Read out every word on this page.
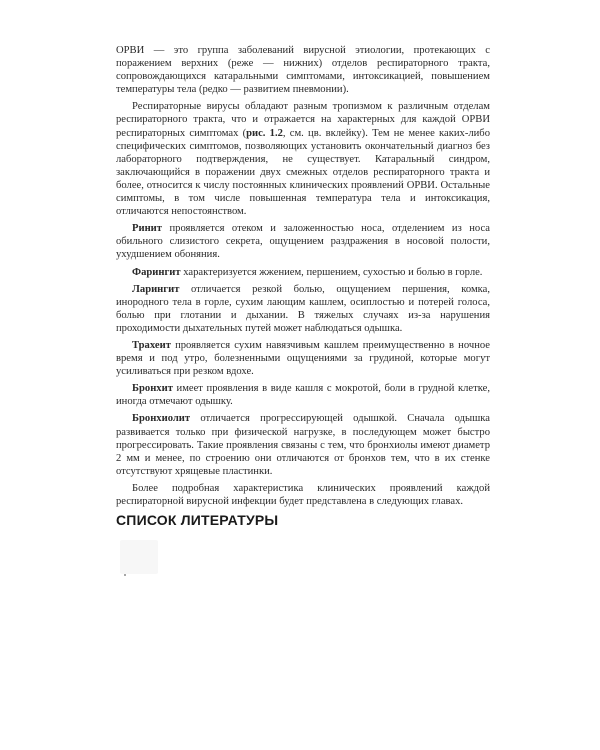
ОРВИ — это группа заболеваний вирусной этиологии, протекающих с поражением верхних (реже — нижних) отделов респираторного тракта, сопровождающихся катаральными симптомами, интоксикацией, повышением температуры тела (редко — развитием пневмонии).

Респираторные вирусы обладают разным тропизмом к различным отделам респираторного тракта, что и отражается на характерных для каждой ОРВИ респираторных симптомах (рис. 1.2, см. цв. вклейку). Тем не менее каких-либо специфических симптомов, позволяющих установить окончательный диагноз без лабораторного подтверждения, не существует. Катаральный синдром, заключающийся в поражении двух смежных отделов респираторного тракта и более, относится к числу постоянных клинических проявлений ОРВИ. Остальные симптомы, в том числе повышенная температура тела и интоксикация, отличаются непостоянством.

Ринит проявляется отеком и заложенностью носа, отделением из носа обильного слизистого секрета, ощущением раздражения в носовой полости, ухудшением обоняния.

Фарингит характеризуется жжением, першением, сухостью и болью в горле.

Ларингит отличается резкой болью, ощущением першения, комка, инородного тела в горле, сухим лающим кашлем, осиплостью и потерей голоса, болью при глотании и дыхании. В тяжелых случаях из-за нарушения проходимости дыхательных путей может наблюдаться одышка.

Трахеит проявляется сухим навязчивым кашлем преимущественно в ночное время и под утро, болезненными ощущениями за грудиной, которые могут усиливаться при резком вдохе.

Бронхит имеет проявления в виде кашля с мокротой, боли в грудной клетке, иногда отмечают одышку.

Бронхиолит отличается прогрессирующей одышкой. Сначала одышка развивается только при физической нагрузке, в последующем может быстро прогрессировать. Такие проявления связаны с тем, что бронхиолы имеют диаметр 2 мм и менее, по строению они отличаются от бронхов тем, что в их стенке отсутствуют хрящевые пластинки.

Более подробная характеристика клинических проявлений каждой респираторной вирусной инфекции будет представлена в следующих главах.

СПИСОК ЛИТЕРАТУРЫ
